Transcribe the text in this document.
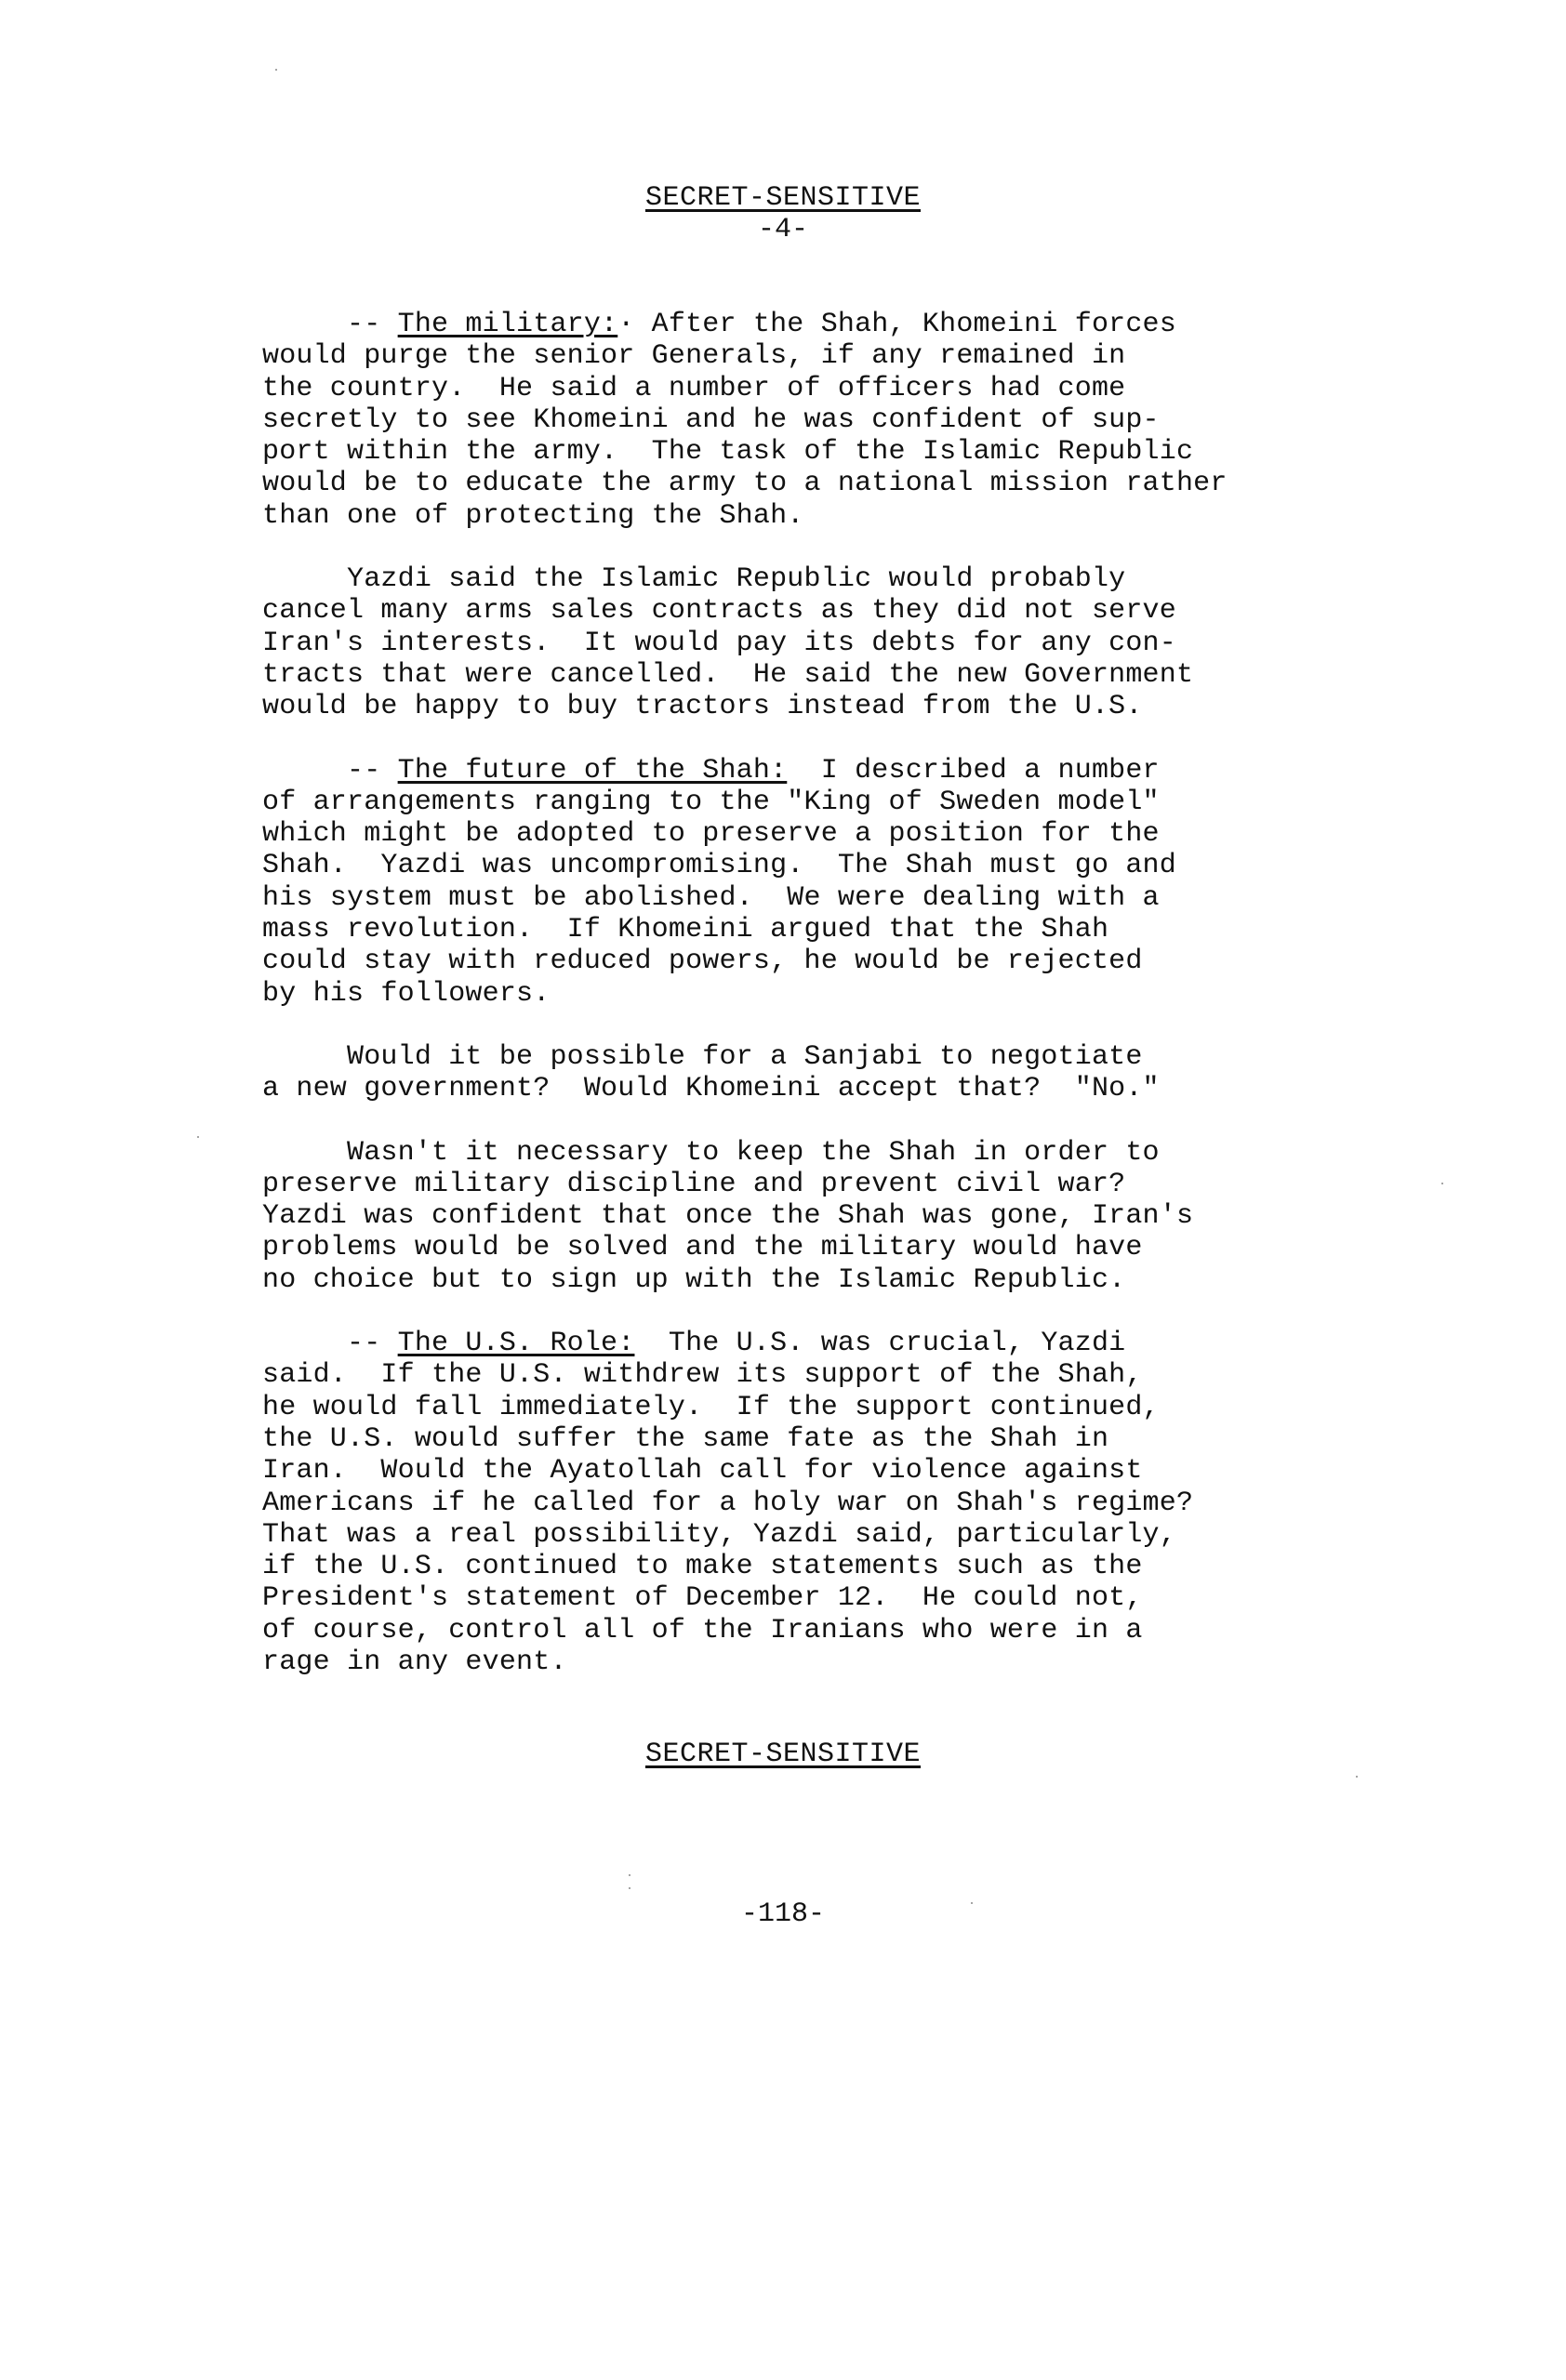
SECRET-SENSITIVE
-4-
-- The military:· After the Shah, Khomeini forces
would purge the senior Generals, if any remained in
the country.  He said a number of officers had come
secretly to see Khomeini and he was confident of sup-
port within the army.  The task of the Islamic Republic
would be to educate the army to a national mission rather
than one of protecting the Shah.
Yazdi said the Islamic Republic would probably
cancel many arms sales contracts as they did not serve
Iran's interests.  It would pay its debts for any con-
tracts that were cancelled.  He said the new Government
would be happy to buy tractors instead from the U.S.
-- The future of the Shah:  I described a number
of arrangements ranging to the "King of Sweden model"
which might be adopted to preserve a position for the
Shah.  Yazdi was uncompromising.  The Shah must go and
his system must be abolished.  We were dealing with a
mass revolution.  If Khomeini argued that the Shah
could stay with reduced powers, he would be rejected
by his followers.
Would it be possible for a Sanjabi to negotiate
a new government?  Would Khomeini accept that?  "No."
Wasn't it necessary to keep the Shah in order to
preserve military discipline and prevent civil war?
Yazdi was confident that once the Shah was gone, Iran's
problems would be solved and the military would have
no choice but to sign up with the Islamic Republic.
-- The U.S. Role:  The U.S. was crucial, Yazdi
said.  If the U.S. withdrew its support of the Shah,
he would fall immediately.  If the support continued,
the U.S. would suffer the same fate as the Shah in
Iran.  Would the Ayatollah call for violence against
Americans if he called for a holy war on Shah's regime?
That was a real possibility, Yazdi said, particularly,
if the U.S. continued to make statements such as the
President's statement of December 12.  He could not,
of course, control all of the Iranians who were in a
rage in any event.
SECRET-SENSITIVE
-118-
